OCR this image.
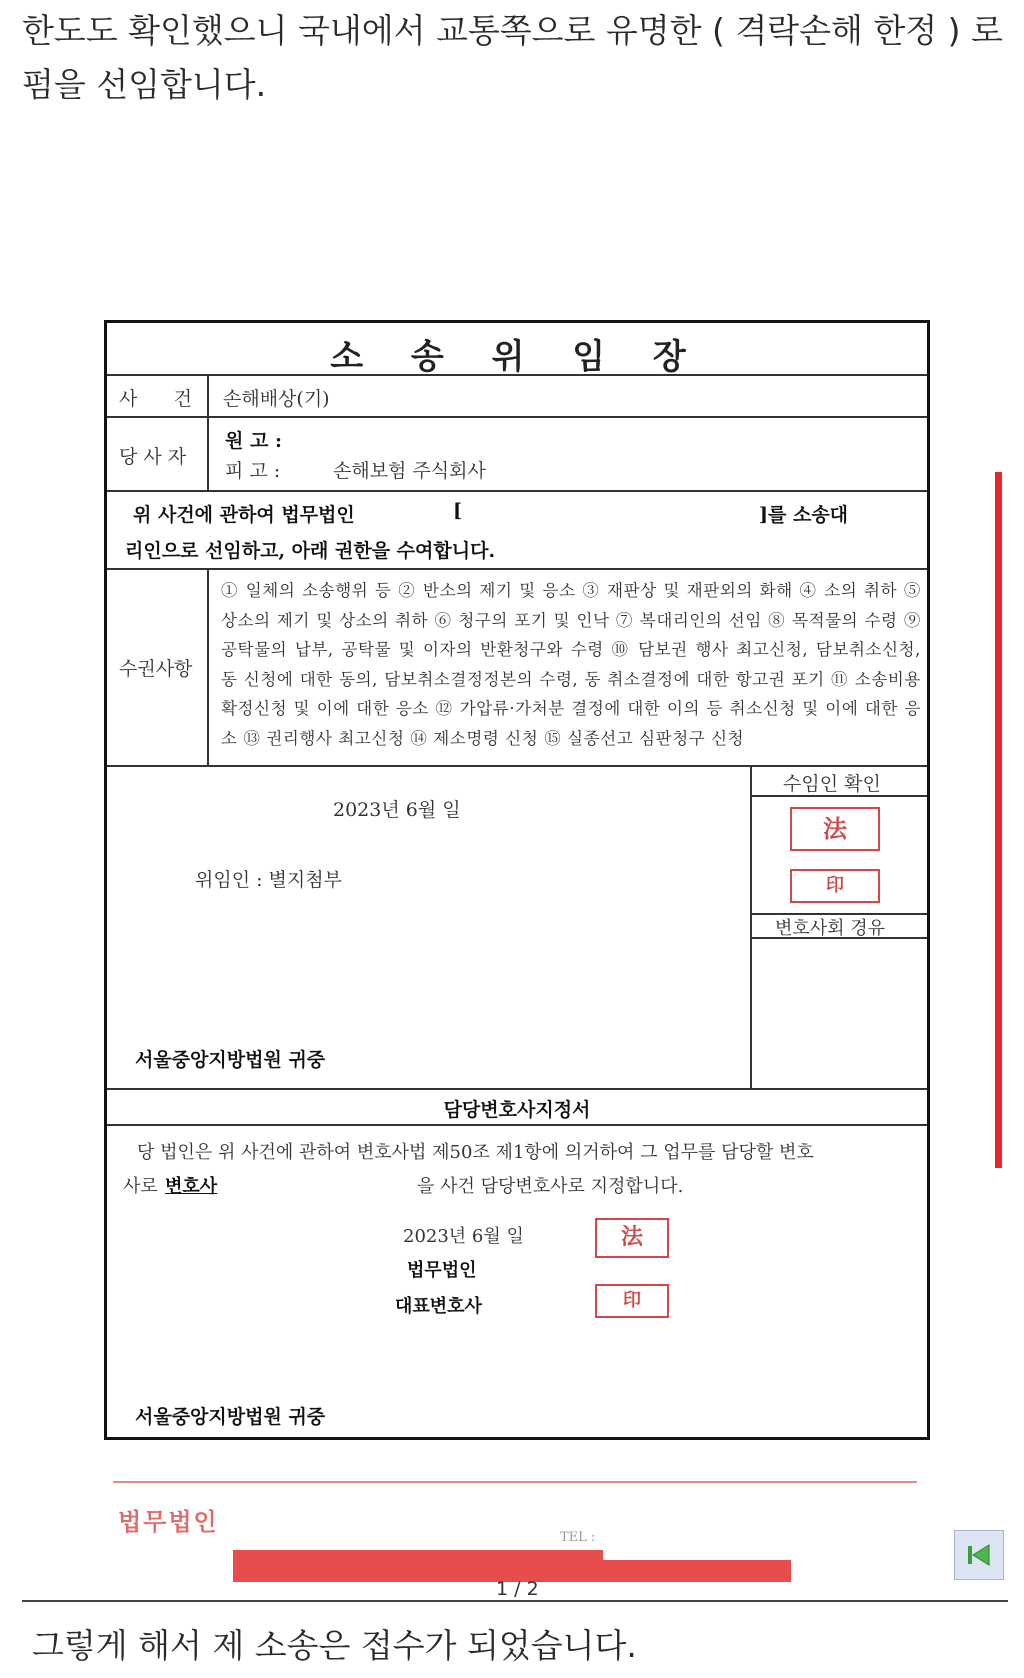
한도도 확인했으니 국내에서 교통쪽으로 유명한 ( 격락손해 한정 ) 로펌을 선임합니다.
소 송 위 임 장
사      건 손해배상(기)
당 사 자
원 고 :
피 고 :	손해보험 주식회사
위 사건에 관하여 법무법인	[	]를 소송대
리인으로 선임하고, 아래 권한을 수여합니다.
수권사항
① 일체의 소송행위 등 ② 반소의 제기 및 응소 ③ 재판상 및 재판외의 화해 ④ 소의 취하 ⑤ 상소의 제기 및 상소의 취하 ⑥ 청구의 포기 및 인낙 ⑦ 복대리인의 선임 ⑧ 목적물의 수령 ⑨ 공탁물의 납부, 공탁물 및 이자의 반환청구와 수령 ⑩ 담보권 행사 최고신청, 담보취소신청, 동 신청에 대한 동의, 담보취소결정정본의 수령, 동 취소결정에 대한 항고권 포기 ⑪ 소송비용확정신청 및 이에 대한 응소 ⑫ 가압류·가처분 결정에 대한 이의 등 취소신청 및 이에 대한 응소 ⑬ 권리행사 최고신청 ⑭ 제소명령 신청 ⑮ 실종선고 심판청구 신청
2023년 6월 일
위임인 : 별지첨부
서울중앙지방법원 귀중
수임인 확인
法
印
변호사회 경유
담당변호사지정서
당 법인은 위 사건에 관하여 변호사법 제50조 제1항에 의거하여 그 업무를 담당할 변호
사로 변호사	을 사건 담당변호사로 지정합니다.
2023년 6월 일
법무법인
대표변호사
法
印
서울중앙지방법원 귀중
법무법인
TEL :
1 / 2
그렇게 해서 제 소송은 접수가 되었습니다.
